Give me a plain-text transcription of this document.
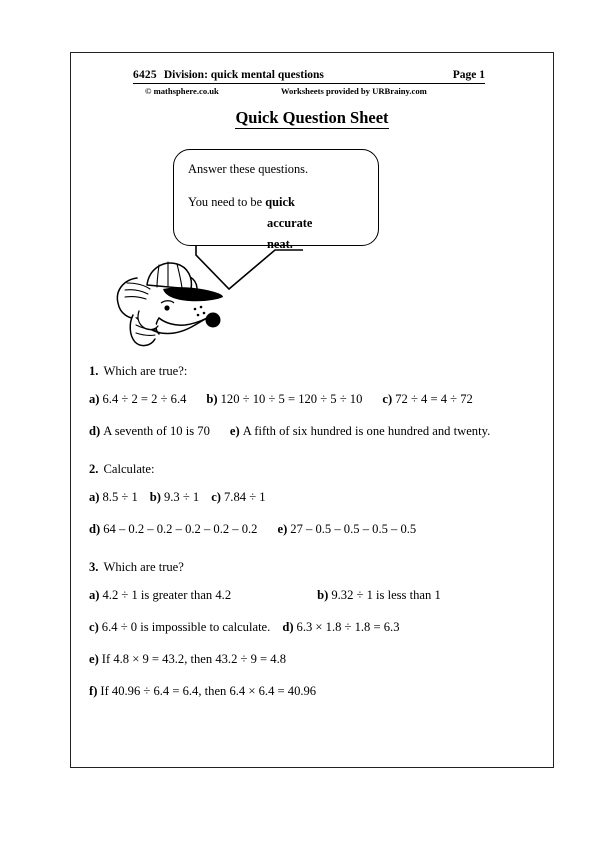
6425 Division: quick mental questions	Page 1
© mathsphere.co.uk	Worksheets provided by URBrainy.com
Quick Question Sheet
Answer these questions.
You need to be quick
accurate
neat.

1. Which are true?:

a) 6.4 ÷ 2 = 2 ÷ 6.4 b) 120 ÷ 10 ÷ 5 = 120 ÷ 5 ÷ 10 c) 72 ÷ 4 = 4 ÷ 72

d) A seventh of 10 is 70 e) A fifth of six hundred is one hundred and twenty.

2. Calculate:

a) 8.5 ÷ 1 b) 9.3 ÷ 1 c) 7.84 ÷ 1

d) 64 – 0.2 – 0.2 – 0.2 – 0.2 – 0.2 e) 27 – 0.5 – 0.5 – 0.5 – 0.5

3. Which are true?

a) 4.2 ÷ 1 is greater than 4.2	b) 9.32 ÷ 1 is less than 1

c) 6.4 ÷ 0 is impossible to calculate. d) 6.3 × 1.8 ÷ 1.8 = 6.3

e) If 4.8 × 9 = 43.2, then 43.2 ÷ 9 = 4.8

f) If 40.96 ÷ 6.4 = 6.4, then 6.4 × 6.4 = 40.96
